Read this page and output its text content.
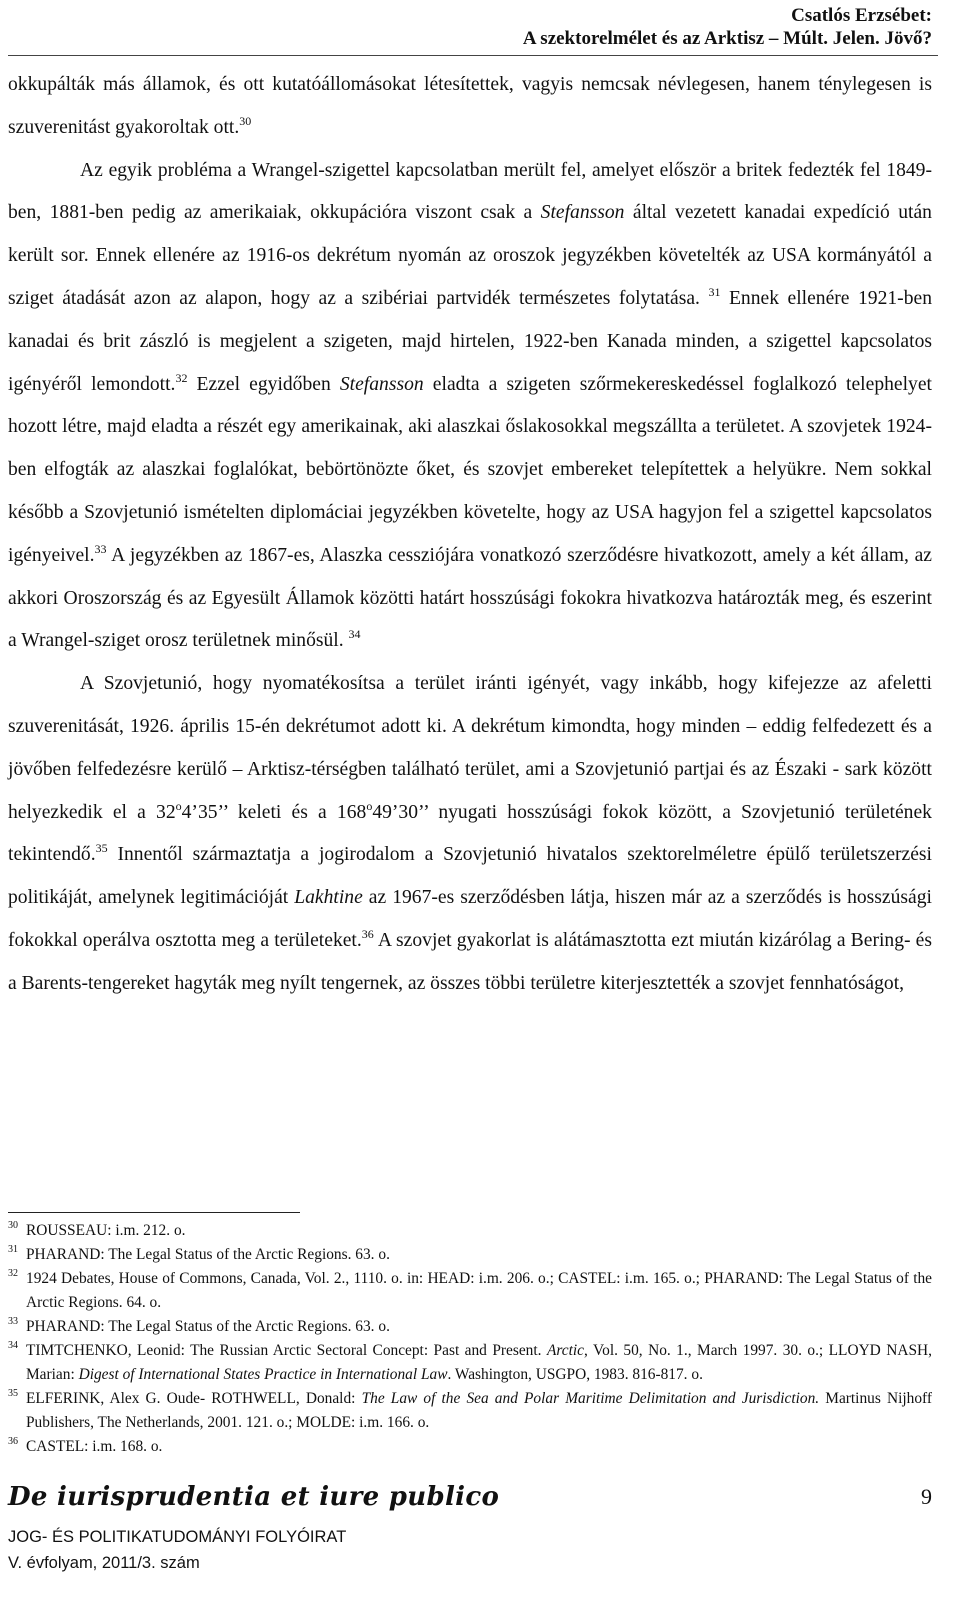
Csatlós Erzsébet:
A szektorelmélet és az Arktisz – Múlt. Jelen. Jövő?

okkupálták más államok, és ott kutatóállomásokat létesítettek, vagyis nemcsak névlegesen, hanem ténylegesen is szuverenitást gyakoroltak ott.$^{30}$

Az egyik probléma a Wrangel-szigettel kapcsolatban merült fel, amelyet először a britek fedezték fel 1849-ben, 1881-ben pedig az amerikaiak, okkupációra viszont csak a Stefansson által vezetett kanadai expedíció után került sor. Ennek ellenére az 1916-os dekrétum nyomán az oroszok jegyzékben követelték az USA kormányától a sziget átadását azon az alapon, hogy az a szibériai partvidék természetes folytatása. $^{31}$ Ennek ellenére 1921-ben kanadai és brit zászló is megjelent a szigeten, majd hirtelen, 1922-ben Kanada minden, a szigettel kapcsolatos igényéről lemondott.$^{32}$ Ezzel egyidőben Stefansson eladta a szigeten szőrmekereskedéssel foglalkozó telephelyet hozott létre, majd eladta a részét egy amerikainak, aki alaszkai őslakosokkal megszállta a területet. A szovjetek 1924-ben elfogták az alaszkai foglalókat, bebörtönözte őket, és szovjet embereket telepítettek a helyükre. Nem sokkal később a Szovjetunió ismételten diplomáciai jegyzékben követelte, hogy az USA hagyjon fel a szigettel kapcsolatos igényeivel.$^{33}$ A jegyzékben az 1867-es, Alaszka cessziójára vonatkozó szerződésre hivatkozott, amely a két állam, az akkori Oroszország és az Egyesült Államok közötti határt hosszúsági fokokra hivatkozva határozták meg, és eszerint a Wrangel-sziget orosz területnek minősül. $^{34}$

A Szovjetunió, hogy nyomatékosítsa a terület iránti igényét, vagy inkább, hogy kifejezze az afeletti szuverenitását, 1926. április 15-én dekrétumot adott ki. A dekrétum kimondta, hogy minden – eddig felfedezett és a jövőben felfedezésre kerülő – Arktisz-térségben található terület, ami a Szovjetunió partjai és az Északi - sark között helyezkedik el a 32$^o$4’35’’ keleti és a 168$^o$49’30’’ nyugati hosszúsági fokok között, a Szovjetunió területének tekintendő.$^{35}$ Innentől származtatja a jogirodalom a Szovjetunió hivatalos szektorelméletre épülő területszerzési politikáját, amelynek legitimációját Lakhtine az 1967-es szerződésben látja, hiszen már az a szerződés is hosszúsági fokokkal operálva osztotta meg a területeket.$^{36}$ A szovjet gyakorlat is alátámasztotta ezt miután kizárólag a Bering- és a Barents-tengereket hagyták meg nyílt tengernek, az összes többi területre kiterjesztették a szovjet fennhatóságot,

30 ROUSSEAU: i.m. 212. o.
31 PHARAND: The Legal Status of the Arctic Regions. 63. o.
32 1924 Debates, House of Commons, Canada, Vol. 2., 1110. o. in: HEAD: i.m. 206. o.; CASTEL: i.m. 165. o.; PHARAND: The Legal Status of the Arctic Regions. 64. o.
33 PHARAND: The Legal Status of the Arctic Regions. 63. o.
34 TIMTCHENKO, Leonid: The Russian Arctic Sectoral Concept: Past and Present. Arctic, Vol. 50, No. 1., March 1997. 30. o.; LLOYD NASH, Marian: Digest of International States Practice in International Law. Washington, USGPO, 1983. 816-817. o.
35 ELFERINK, Alex G. Oude- ROTHWELL, Donald: The Law of the Sea and Polar Maritime Delimitation and Jurisdiction. Martinus Nijhoff Publishers, The Netherlands, 2001. 121. o.; MOLDE: i.m. 166. o.
36 CASTEL: i.m. 168. o.
De iurisprudentia et iure publico	9
JOG- ÉS POLITIKATUDOMÁNYI FOLYÓIRAT
V. évfolyam, 2011/3. szám
